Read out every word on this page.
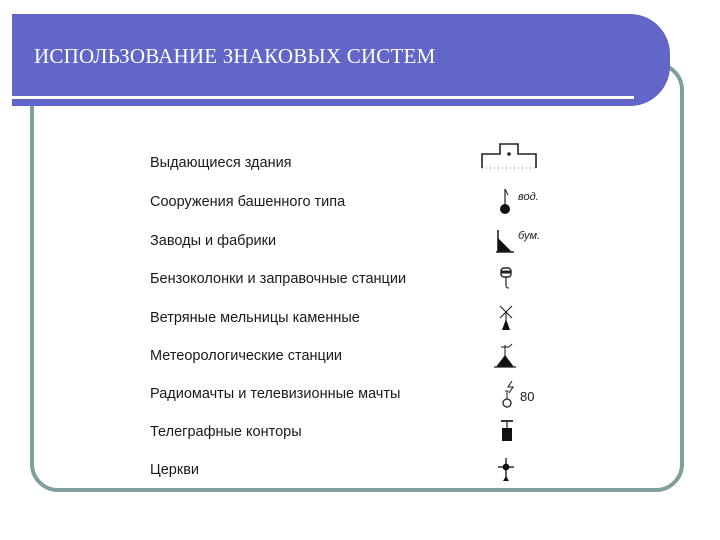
ИСПОЛЬЗОВАНИЕ ЗНАКОВЫХ СИСТЕМ
Выдающиеся здания
Сооружения башенного типа	вод.
Заводы и фабрики	бум.
Бензоколонки и заправочные станции
Ветряные мельницы каменные
Метеорологические станции
Радиомачты и телевизионные мачты	80
Телеграфные конторы
Церкви
